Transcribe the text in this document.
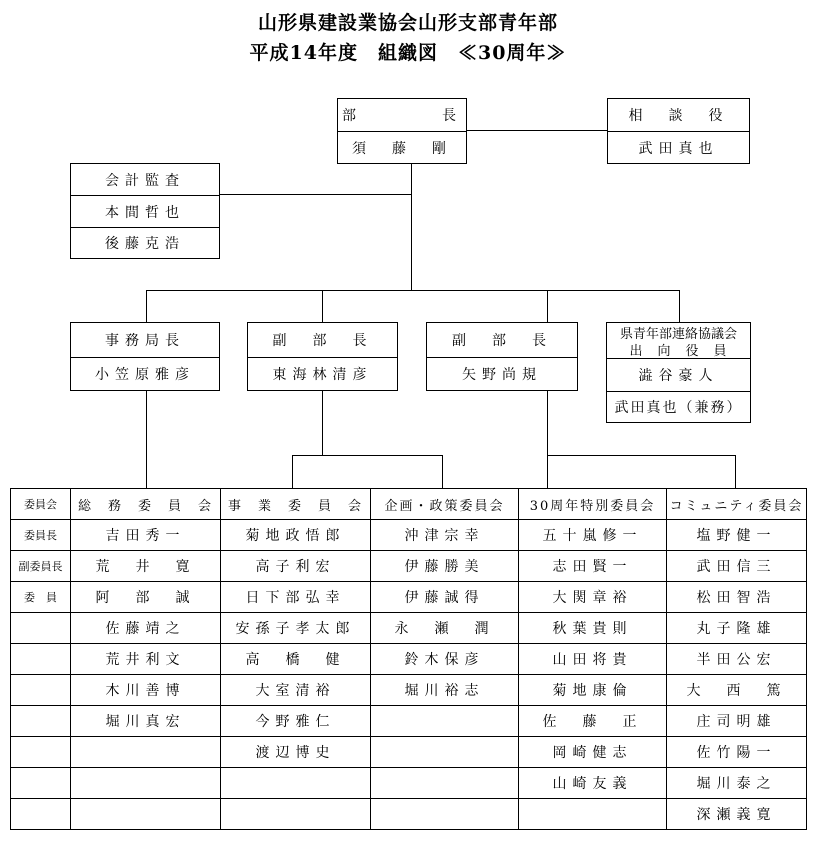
山形県建設業協会山形支部青年部
平成14年度　組織図　≪30周年≫
部　　　　長
須　藤　剛
相　談　役
武田真也
会計監査
本間哲也
後藤克浩
事務局長
小笠原雅彦
副　部　長
東海林清彦
副　部　長
矢野尚規
県青年部連絡協議会
出　向　役　員
澁谷豪人
武田真也（兼務）
委員会	総　務　委　員　会	事　業　委　員　会	企画・政策委員会	30周年特別委員会	コミュニティ委員会
委員長	吉田秀一	菊地政悟郎	沖津宗幸	五十嵐修一	塩野健一
副委員長	荒　井　寛	高子利宏	伊藤勝美	志田賢一	武田信三
委　員	阿　部　誠	日下部弘幸	伊藤誠得	大関章裕	松田智浩
	佐藤靖之	安孫子孝太郎	永　瀬　潤	秋葉貴則	丸子隆雄
	荒井利文	高　橋　健	鈴木保彦	山田将貴	半田公宏
	木川善博	大室清裕	堀川裕志	菊地康倫	大　西　篤
	堀川真宏	今野雅仁		佐　藤　正	庄司明雄
		渡辺博史		岡崎健志	佐竹陽一
				山崎友義	堀川泰之
					深瀬義寛
